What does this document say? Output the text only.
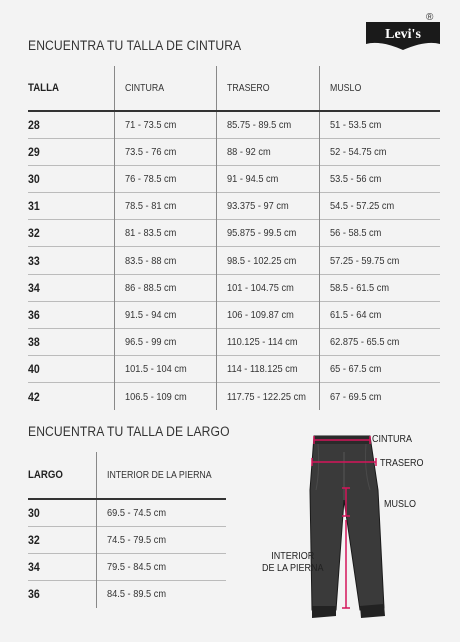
ENCUENTRA TU TALLA DE CINTURA
Levi's
®
TALLA	CINTURA	TRASERO	MUSLO
28	71 - 73.5 cm	85.75 - 89.5 cm	51 - 53.5 cm
29	73.5 - 76 cm	88 - 92 cm	52 - 54.75 cm
30	76 - 78.5 cm	91 - 94.5 cm	53.5 - 56 cm
31	78.5 - 81 cm	93.375 - 97 cm	54.5 - 57.25 cm
32	81 - 83.5 cm	95.875 - 99.5 cm	56 - 58.5 cm
33	83.5 - 88 cm	98.5 - 102.25 cm	57.25 - 59.75 cm
34	86 - 88.5 cm	101 - 104.75 cm	58.5 - 61.5 cm
36	91.5 - 94 cm	106 - 109.87 cm	61.5 - 64 cm
38	96.5 - 99 cm	110.125 - 114 cm	62.875 - 65.5 cm
40	101.5 - 104 cm	114 - 118.125 cm	65 - 67.5 cm
42	106.5 - 109 cm	117.75 - 122.25 cm	67 - 69.5 cm
ENCUENTRA TU TALLA DE LARGO
LARGO	INTERIOR DE LA PIERNA
30	69.5 - 74.5 cm
32	74.5 - 79.5 cm
34	79.5 - 84.5 cm
36	84.5 - 89.5 cm
CINTURA
TRASERO
MUSLO
INTERIOR
DE LA PIERNA
